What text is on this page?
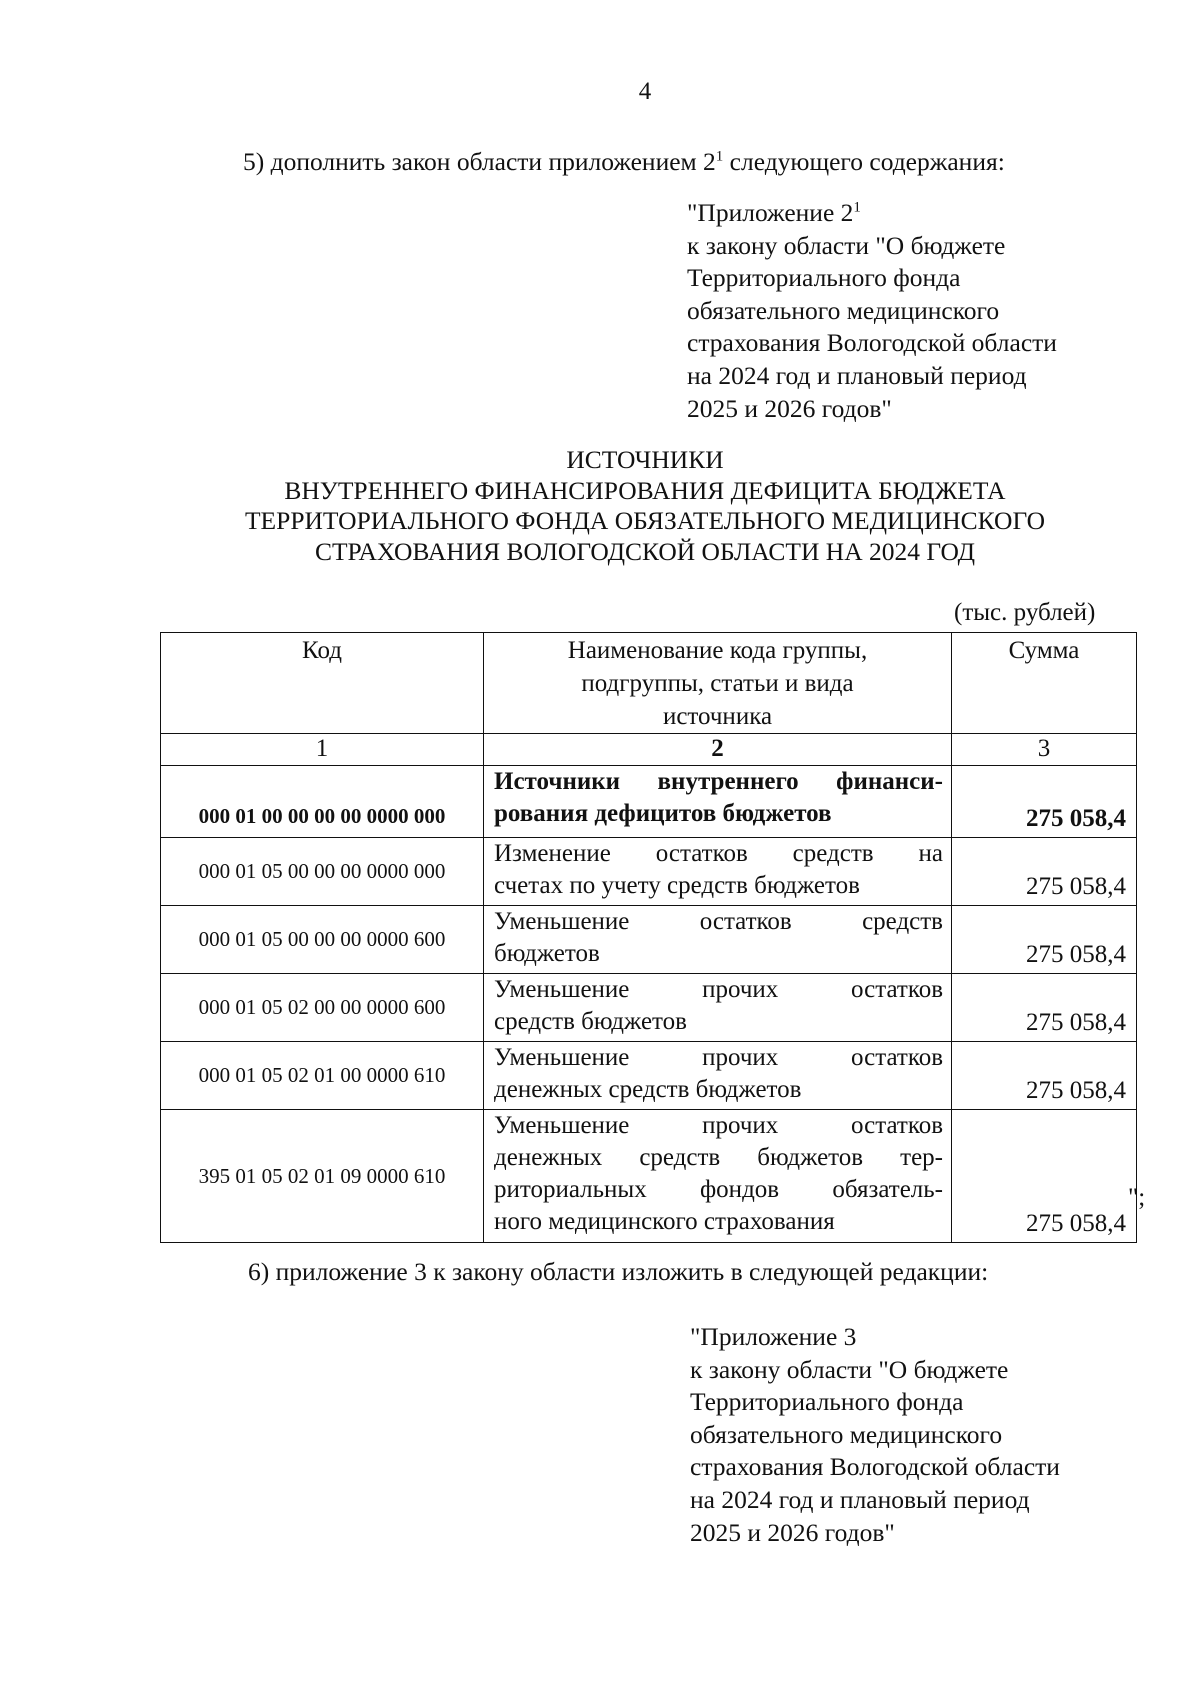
4
5) дополнить закон области приложением $2^1$ следующего содержания:
"Приложение $2^1$
к закону области "О бюджете
Территориального фонда
обязательного медицинского
страхования Вологодской области
на 2024 год и плановый период
2025 и 2026 годов"
ИСТОЧНИКИ
ВНУТРЕННЕГО ФИНАНСИРОВАНИЯ ДЕФИЦИТА БЮДЖЕТА
ТЕРРИТОРИАЛЬНОГО ФОНДА ОБЯЗАТЕЛЬНОГО МЕДИЦИНСКОГО
СТРАХОВАНИЯ ВОЛОГОДСКОЙ ОБЛАСТИ НА 2024 ГОД
(тыс. рублей)
Код	Наименование кода группы,
подгруппы, статьи и вида
источника	Сумма
1	2	3
000 01 00 00 00 00 0000 000	Источники внутреннего финанси-
рования дефицитов бюджетов	275 058,4
000 01 05 00 00 00 0000 000	Изменение остатков средств на
счетах по учету средств бюджетов	275 058,4
000 01 05 00 00 00 0000 600	Уменьшение остатков средств
бюджетов	275 058,4
000 01 05 02 00 00 0000 600	Уменьшение прочих остатков
средств бюджетов	275 058,4
000 01 05 02 01 00 0000 610	Уменьшение прочих остатков
денежных средств бюджетов	275 058,4
395 01 05 02 01 09 0000 610	Уменьшение прочих остатков
денежных средств бюджетов тер-
риториальных фондов обязатель-
ного медицинского страхования	275 058,4
";
6) приложение 3 к закону области изложить в следующей редакции:
"Приложение 3
к закону области "О бюджете
Территориального фонда
обязательного медицинского
страхования Вологодской области
на 2024 год и плановый период
2025 и 2026 годов"
